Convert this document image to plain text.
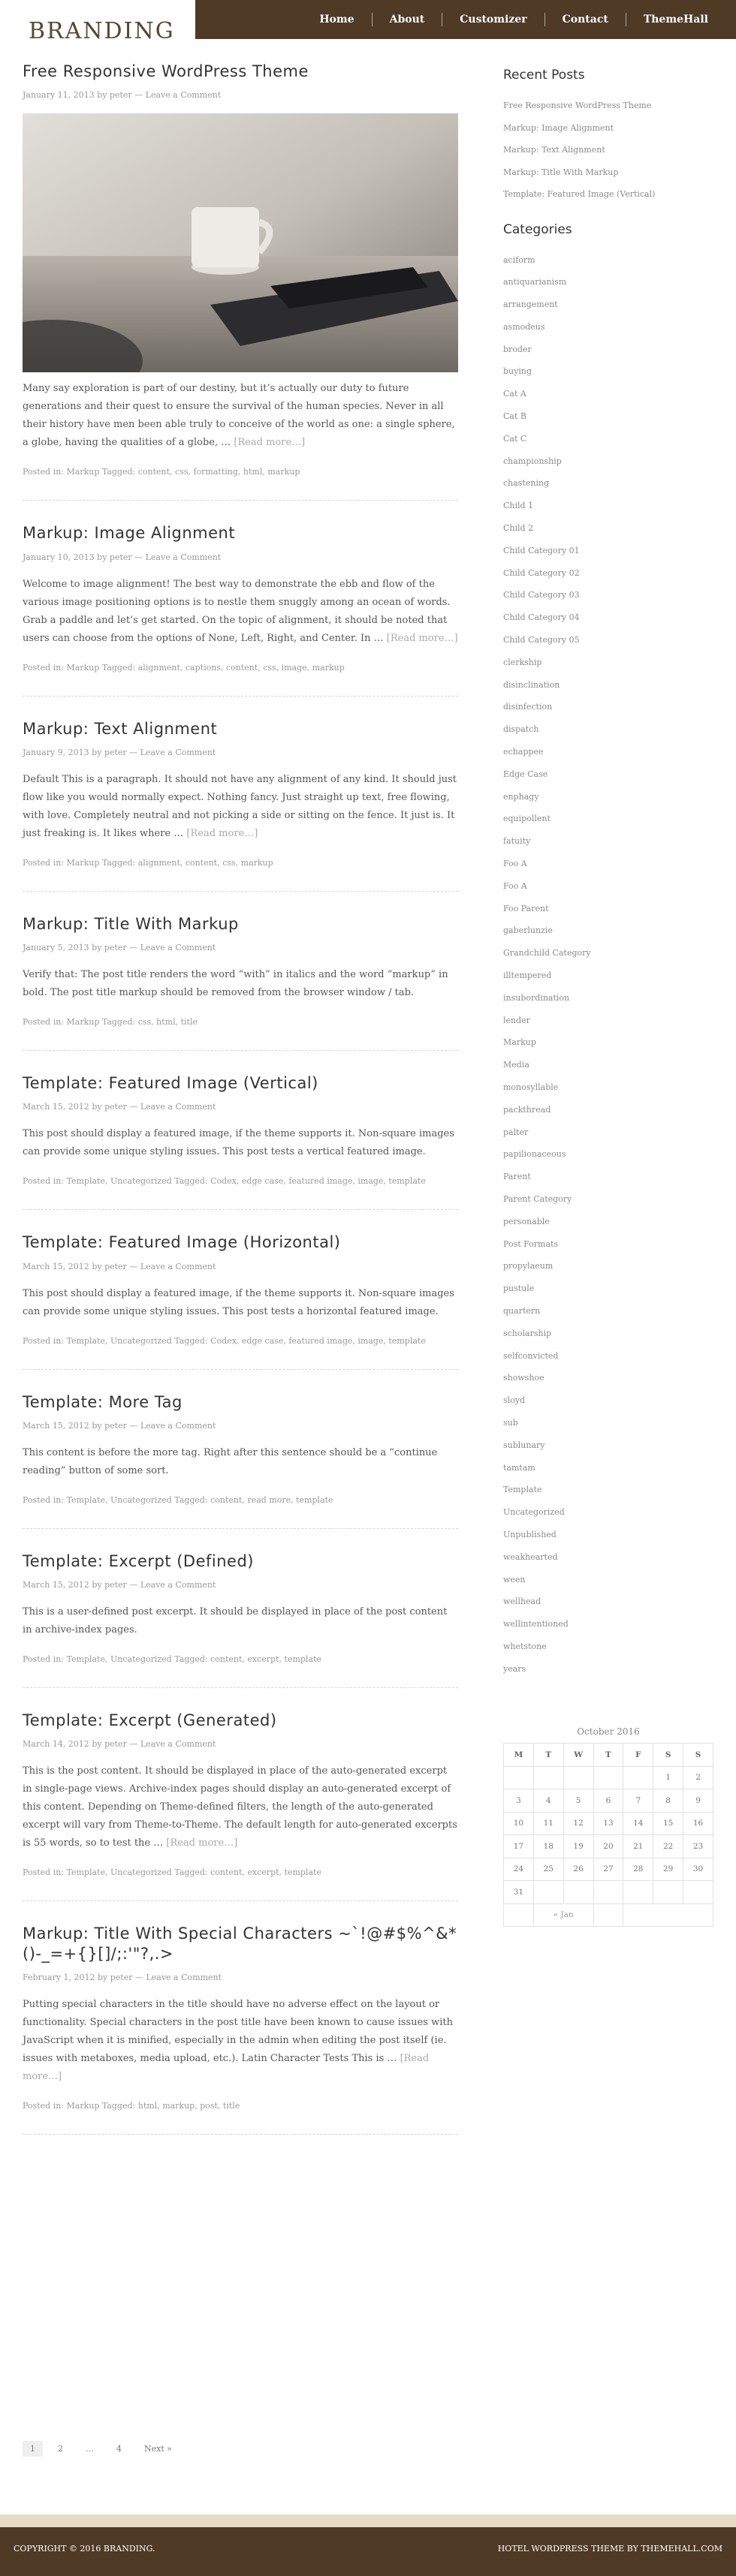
Home	About	Customizer	Contact	ThemeHall
BRANDING
Free Responsive WordPress Theme
January 11, 2013 by peter — Leave a Comment

Many say exploration is part of our destiny, but it’s actually our duty to future generations and their quest to ensure the survival of the human species. Never in all their history have men been able truly to conceive of the world as one: a single sphere, a globe, having the qualities of a globe, … [Read more…]

Posted in: Markup Tagged: content, css, formatting, html, markup
Markup: Image Alignment
January 10, 2013 by peter — Leave a Comment

Welcome to image alignment! The best way to demonstrate the ebb and flow of the various image positioning options is to nestle them snuggly among an ocean of words. Grab a paddle and let’s get started. On the topic of alignment, it should be noted that users can choose from the options of None, Left, Right, and Center. In … [Read more…]

Posted in: Markup Tagged: alignment, captions, content, css, image, markup
Markup: Text Alignment
January 9, 2013 by peter — Leave a Comment

Default This is a paragraph. It should not have any alignment of any kind. It should just flow like you would normally expect. Nothing fancy. Just straight up text, free flowing, with love. Completely neutral and not picking a side or sitting on the fence. It just is. It just freaking is. It likes where … [Read more…]

Posted in: Markup Tagged: alignment, content, css, markup
Markup: Title With Markup
January 5, 2013 by peter — Leave a Comment

Verify that: The post title renders the word “with” in italics and the word “markup” in bold. The post title markup should be removed from the browser window / tab.

Posted in: Markup Tagged: css, html, title
Template: Featured Image (Vertical)
March 15, 2012 by peter — Leave a Comment

This post should display a featured image, if the theme supports it. Non-square images can provide some unique styling issues. This post tests a vertical featured image.

Posted in: Template, Uncategorized Tagged: Codex, edge case, featured image, image, template
Template: Featured Image (Horizontal)
March 15, 2012 by peter — Leave a Comment

This post should display a featured image, if the theme supports it. Non-square images can provide some unique styling issues. This post tests a horizontal featured image.

Posted in: Template, Uncategorized Tagged: Codex, edge case, featured image, image, template
Template: More Tag
March 15, 2012 by peter — Leave a Comment

This content is before the more tag. Right after this sentence should be a “continue reading” button of some sort.

Posted in: Template, Uncategorized Tagged: content, read more, template
Template: Excerpt (Defined)
March 15, 2012 by peter — Leave a Comment

This is a user-defined post excerpt. It should be displayed in place of the post content in archive-index pages.

Posted in: Template, Uncategorized Tagged: content, excerpt, template
Template: Excerpt (Generated)
March 14, 2012 by peter — Leave a Comment

This is the post content. It should be displayed in place of the auto-generated excerpt in single-page views. Archive-index pages should display an auto-generated excerpt of this content. Depending on Theme-defined filters, the length of the auto-generated excerpt will vary from Theme-to-Theme. The default length for auto-generated excerpts is 55 words, so to test the … [Read more…]

Posted in: Template, Uncategorized Tagged: content, excerpt, template
Markup: Title With Special Characters ~`!@#$%^&*()-_=+{}[]/;:'"?,.>
February 1, 2012 by peter — Leave a Comment

Putting special characters in the title should have no adverse effect on the layout or functionality. Special characters in the post title have been known to cause issues with JavaScript when it is minified, especially in the admin when editing the post itself (ie. issues with metaboxes, media upload, etc.). Latin Character Tests This is … [Read more…]

Posted in: Markup Tagged: html, markup, post, title
1	2	…	4	Next »
Recent Posts
Free Responsive WordPress Theme
Markup: Image Alignment
Markup: Text Alignment
Markup: Title With Markup
Template: Featured Image (Vertical)
Categories
aciform
antiquarianism
arrangement
asmodeus
broder
buying
Cat A
Cat B
Cat C
championship
chastening
Child 1
Child 2
Child Category 01
Child Category 02
Child Category 03
Child Category 04
Child Category 05
clerkship
disinclination
disinfection
dispatch
echappee
Edge Case
enphagy
equipollent
fatuity
Foo A
Foo A
Foo Parent
gaberlunzie
Grandchild Category
illtempered
insubordination
lender
Markup
Media
monosyllable
packthread
palter
papilionaceous
Parent
Parent Category
personable
Post Formats
propylaeum
pustule
quartern
scholarship
selfconvicted
showshoe
sloyd
sub
sublunary
tamtam
Template
Uncategorized
Unpublished
weakhearted
ween
wellhead
wellintentioned
whetstone
years
October 2016
M	T	W	T	F	S	S
					1	2
3	4	5	6	7	8	9
10	11	12	13	14	15	16
17	18	19	20	21	22	23
24	25	26	27	28	29	30
31						
	« Jan					
COPYRIGHT © 2016 BRANDING.	HOTEL WORDPRESS THEME BY THEMEHALL.COM
